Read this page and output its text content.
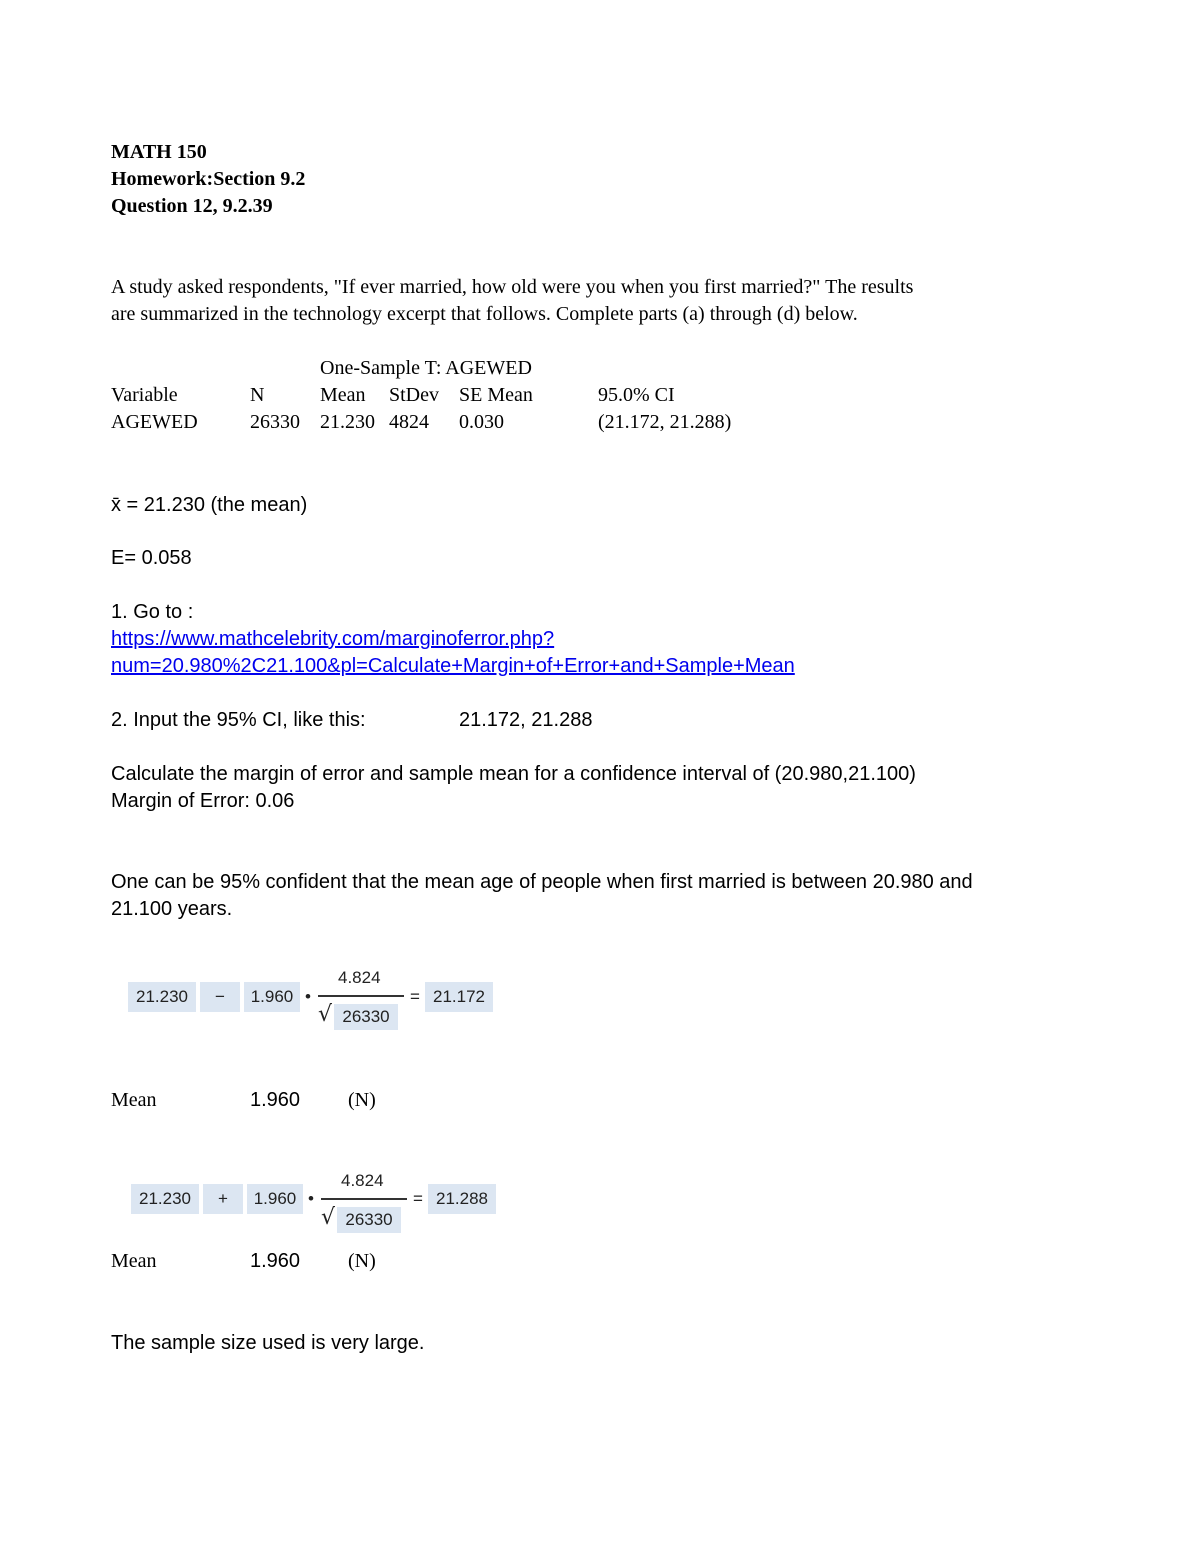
MATH 150
Homework:Section 9.2
Question 12, 9.2.39
A study asked respondents, "If ever married, how old were you when you first married?" The results
are summarized in the technology excerpt that follows. Complete parts (a) through (d) below.
One-Sample T: AGEWED
Variable	N	Mean StDev SE Mean	95.0% CI
AGEWED	26330 21.230 4824 0.030	(21.172, 21.288)
x̄ = 21.230 (the mean)
E= 0.058
1. Go to :
https://www.mathcelebrity.com/marginoferror.php?
num=20.980%2C21.100&pl=Calculate+Margin+of+Error+and+Sample+Mean
2. Input the 95% CI, like this:	21.172, 21.288
Calculate the margin of error and sample mean for a confidence interval of (20.980,21.100)
Margin of Error: 0.06
One can be 95% confident that the mean age of people when first married is between 20.980 and
21.100 years.
21.230	−	1.960 •
4.824
√ 26330
= 21.172
Mean	1.960 (N)
21.230	+	1.960 •
4.824
√ 26330
= 21.288
Mean	1.960 (N)
The sample size used is very large.
